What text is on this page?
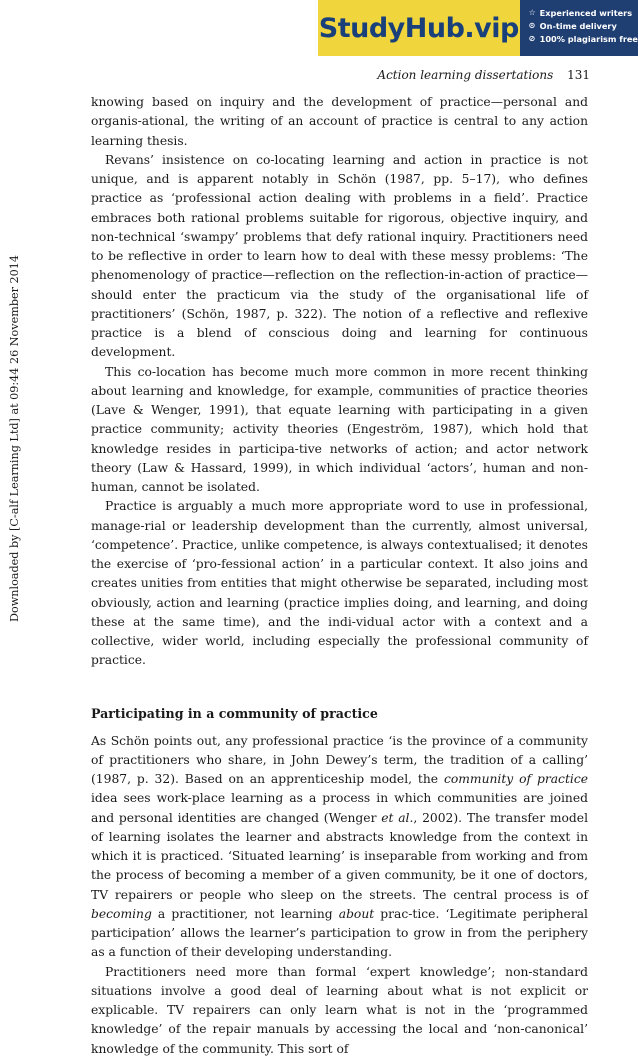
StudyHub.vip ☆ Experienced writers
⊙ On-time delivery
⊘ 100% plagiarism free
Action learning dissertations 131
Downloaded by [C-alf Learning Ltd] at 09:44 26 November 2014

knowing based on inquiry and the development of practice—personal and organis-ational, the writing of an account of practice is central to any action learning thesis.

Revans’ insistence on co-locating learning and action in practice is not unique, and is apparent notably in Schön (1987, pp. 5–17), who defines practice as ‘professional action dealing with problems in a field’. Practice embraces both rational problems suitable for rigorous, objective inquiry, and non-technical ‘swampy’ problems that defy rational inquiry. Practitioners need to be reflective in order to learn how to deal with these messy problems: ‘The phenomenology of practice—reflection on the reflection-in-action of practice—should enter the practicum via the study of the organisational life of practitioners’ (Schön, 1987, p. 322). The notion of a reflective and reflexive practice is a blend of conscious doing and learning for continuous development.

This co-location has become much more common in more recent thinking about learning and knowledge, for example, communities of practice theories (Lave & Wenger, 1991), that equate learning with participating in a given practice community; activity theories (Engeström, 1987), which hold that knowledge resides in participa-tive networks of action; and actor network theory (Law & Hassard, 1999), in which individual ‘actors’, human and non-human, cannot be isolated.

Practice is arguably a much more appropriate word to use in professional, manage-rial or leadership development than the currently, almost universal, ‘competence’. Practice, unlike competence, is always contextualised; it denotes the exercise of ‘pro-fessional action’ in a particular context. It also joins and creates unities from entities that might otherwise be separated, including most obviously, action and learning (practice implies doing, and learning, and doing these at the same time), and the indi-vidual actor with a context and a collective, wider world, including especially the professional community of practice.

Participating in a community of practice

As Schön points out, any professional practice ‘is the province of a community of practitioners who share, in John Dewey’s term, the tradition of a calling’ (1987, p. 32). Based on an apprenticeship model, the community of practice idea sees work-place learning as a process in which communities are joined and personal identities are changed (Wenger et al., 2002). The transfer model of learning isolates the learner and abstracts knowledge from the context in which it is practiced. ‘Situated learning’ is inseparable from working and from the process of becoming a member of a given community, be it one of doctors, TV repairers or people who sleep on the streets. The central process is of becoming a practitioner, not learning about prac-tice. ‘Legitimate peripheral participation’ allows the learner’s participation to grow in from the periphery as a function of their developing understanding.

Practitioners need more than formal ‘expert knowledge’; non-standard situations involve a good deal of learning about what is not explicit or explicable. TV repairers can only learn what is not in the ‘programmed knowledge’ of the repair manuals by accessing the local and ‘non-canonical’ knowledge of the community. This sort of
